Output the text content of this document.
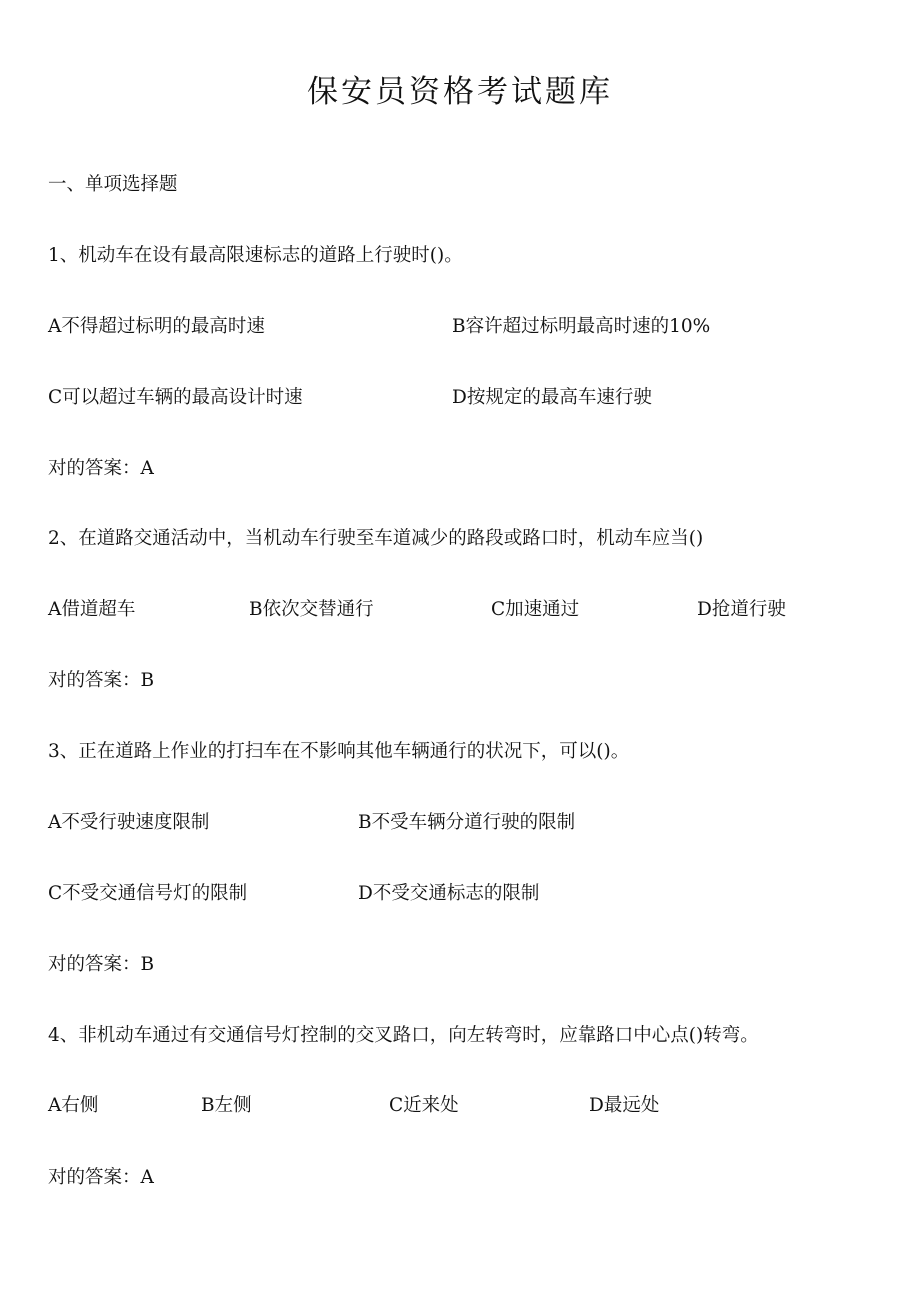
保安员资格考试题库
一、单项选择题
1、机动车在设有最高限速标志的道路上行驶时()。
A不得超过标明的最高时速	B容许超过标明最高时速的10%
C可以超过车辆的最高设计时速	D按规定的最高车速行驶
对的答案：A
2、在道路交通活动中，当机动车行驶至车道减少的路段或路口时，机动车应当()
A借道超车	B依次交替通行	C加速通过	D抢道行驶
对的答案：B
3、正在道路上作业的打扫车在不影响其他车辆通行的状况下，可以()。
A不受行驶速度限制	B不受车辆分道行驶的限制
C不受交通信号灯的限制	D不受交通标志的限制
对的答案：B
4、非机动车通过有交通信号灯控制的交叉路口，向左转弯时，应靠路口中心点()转弯。
A右侧	B左侧	C近来处	D最远处
对的答案：A
